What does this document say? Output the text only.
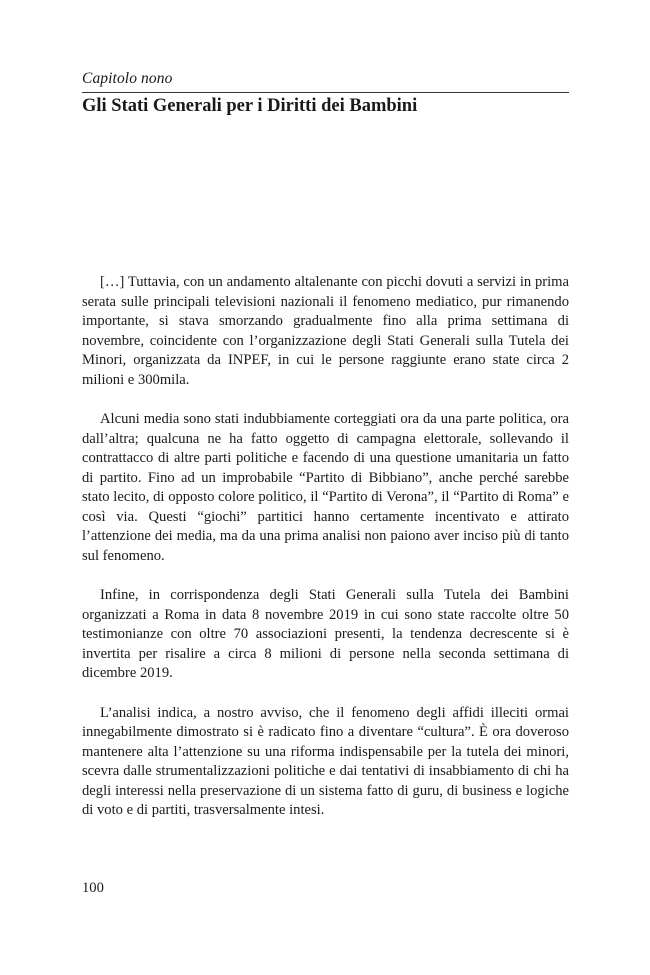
Capitolo nono
Gli Stati Generali per i Diritti dei Bambini

[…] Tuttavia, con un andamento altalenante con picchi dovuti a servizi in prima serata sulle principali televisioni nazionali il fenomeno mediatico, pur rimanendo importante, si stava smorzando gradualmente fino alla prima settimana di novembre, coincidente con l’organizzazione degli Stati Generali sulla Tutela dei Minori, organizzata da INPEF, in cui le persone raggiunte erano state circa 2 milioni e 300mila.

Alcuni media sono stati indubbiamente corteggiati ora da una parte politica, ora dall’altra; qualcuna ne ha fatto oggetto di campagna elettorale, sollevando il contrattacco di altre parti politiche e facendo di una questione umanitaria un fatto di partito. Fino ad un improbabile “Partito di Bibbiano”, anche perché sarebbe stato lecito, di opposto colore politico, il “Partito di Verona”, il “Partito di Roma” e così via. Questi “giochi” partitici hanno certamente incentivato e attirato l’attenzione dei media, ma da una prima analisi non paiono aver inciso più di tanto sul fenomeno.

Infine, in corrispondenza degli Stati Generali sulla Tutela dei Bambini organizzati a Roma in data 8 novembre 2019 in cui sono state raccolte oltre 50 testimonianze con oltre 70 associazioni presenti, la tendenza decrescente si è invertita per risalire a circa 8 milioni di persone nella seconda settimana di dicembre 2019.

L’analisi indica, a nostro avviso, che il fenomeno degli affidi illeciti ormai innegabilmente dimostrato si è radicato fino a diventare “cultura”. È ora doveroso mantenere alta l’attenzione su una riforma indispensabile per la tutela dei minori, scevra dalle strumentalizzazioni politiche e dai tentativi di insabbiamento di chi ha degli interessi nella preservazione di un sistema fatto di guru, di business e logiche di voto e di partiti, trasversalmente intesi.

100
